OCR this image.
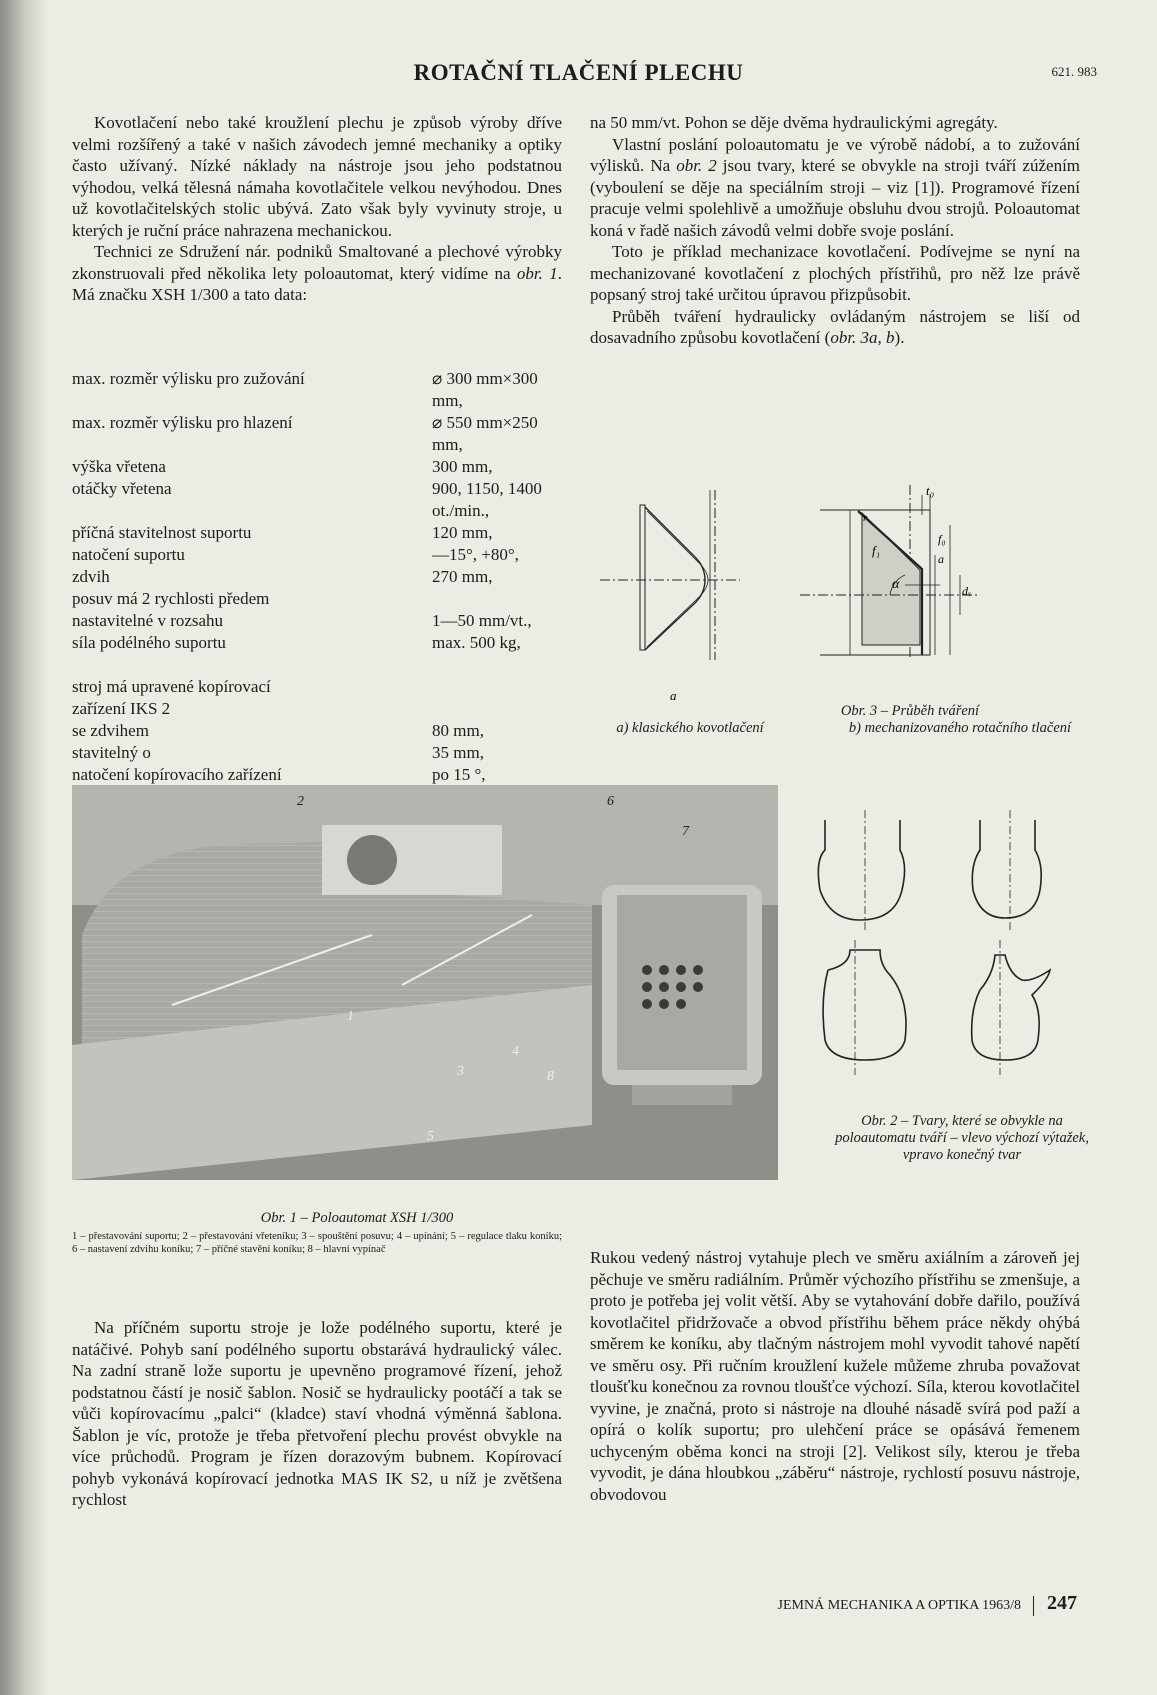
ROTAČNÍ TLAČENÍ PLECHU	621. 983

Kovotlačení nebo také kroužlení plechu je způsob výroby dříve velmi rozšířený a také v našich závodech jemné mechaniky a optiky často užívaný. Nízké náklady na nástroje jsou jeho podstatnou výhodou, velká tělesná námaha kovotlačitele velkou nevýhodou. Dnes už kovotlačitelských stolic ubývá. Zato však byly vyvinuty stroje, u kterých je ruční práce nahrazena mechanickou.

Technici ze Sdružení nár. podniků Smaltované a plechové výrobky zkonstruovali před několika lety poloautomat, který vidíme na obr. 1. Má značku XSH 1/300 a tato data:

max. rozměr výlisku pro zužování	⌀ 300 mm×300 mm,
max. rozměr výlisku pro hlazení	⌀ 550 mm×250 mm,
výška vřetena	300 mm,
otáčky vřetena	900, 1150, 1400
	ot./min.,
příčná stavitelnost suportu	120 mm,
natočení suportu	—15°, +80°,
zdvih	270 mm,
posuv má 2 rychlosti předem	
nastavitelné v rozsahu	1—50 mm/vt.,
síla podélného suportu	max. 500 kg,

stroj má upravené kopírovací	
zařízení IKS 2	
se zdvihem	80 mm,
stavitelný o	35 mm,
natočení kopírovacího zařízení	po 15 °,

na 50 mm/vt. Pohon se děje dvěma hydraulickými agregáty.

Vlastní poslání poloautomatu je ve výrobě nádobí, a to zužování výlisků. Na obr. 2 jsou tvary, které se obvykle na stroji tváří zúžením (vyboulení se děje na speciálním stroji – viz [1]). Programové řízení pracuje velmi spolehlivě a umožňuje obsluhu dvou strojů. Poloautomat koná v řadě našich závodů velmi dobře svoje poslání.

Toto je příklad mechanizace kovotlačení. Podívejme se nyní na mechanizované kovotlačení z plochých přístřihů, pro něž lze právě popsaný stroj také určitou úpravou přizpůsobit.

Průběh tváření hydraulicky ovládaným nástrojem se liší od dosavadního způsobu kovotlačení (obr. 3a, b).

t₀
f₀
a
f₁
α	dₓ
r
a
Obr. 3 – Průběh tváření
a) klasického kovotlačení	b) mechanizovaného rotačního tlačení
1
2
3
4
5
6
7
8
Obr. 2 – Tvary, které se obvykle na poloautomatu tváří – vlevo výchozí výtažek, vpravo konečný tvar
Obr. 1 – Poloautomat XSH 1/300
1 – přestavování suportu; 2 – přestavování vřeteníku; 3 – spouštění posuvu; 4 – upínání; 5 – regulace tlaku koníku; 6 – nastavení zdvihu koníku; 7 – příčné stavění koníku; 8 – hlavní vypínač

Na příčném suportu stroje je lože podélného suportu, které je natáčivé. Pohyb saní podélného suportu obstarává hydraulický válec. Na zadní straně lože suportu je upevněno programové řízení, jehož podstatnou částí je nosič šablon. Nosič se hydraulicky pootáčí a tak se vůči kopírovacímu „palci“ (kladce) staví vhodná výměnná šablona. Šablon je víc, protože je třeba přetvoření plechu provést obvykle na více průchodů. Program je řízen dorazovým bubnem. Kopírovací pohyb vykonává kopírovací jednotka MAS IK S2, u níž je zvětšena rychlost

Rukou vedený nástroj vytahuje plech ve směru axiálním a zároveň jej pěchuje ve směru radiálním. Průměr výchozího přístřihu se zmenšuje, a proto je potřeba jej volit větší. Aby se vytahování dobře dařilo, používá kovotlačitel přidržovače a obvod přístřihu během práce někdy ohýbá směrem ke koníku, aby tlačným nástrojem mohl vyvodit tahové napětí ve směru osy. Při ručním kroužlení kužele můžeme zhruba považovat tloušťku konečnou za rovnou tloušťce výchozí. Síla, kterou kovotlačitel vyvine, je značná, proto si nástroje na dlouhé násadě svírá pod paží a opírá o kolík suportu; pro ulehčení práce se opásává řemenem uchyceným oběma konci na stroji [2]. Velikost síly, kterou je třeba vyvodit, je dána hloubkou „záběru“ nástroje, rychlostí posuvu nástroje, obvodovou

JEMNÁ MECHANIKA A OPTIKA 1963/8 247
